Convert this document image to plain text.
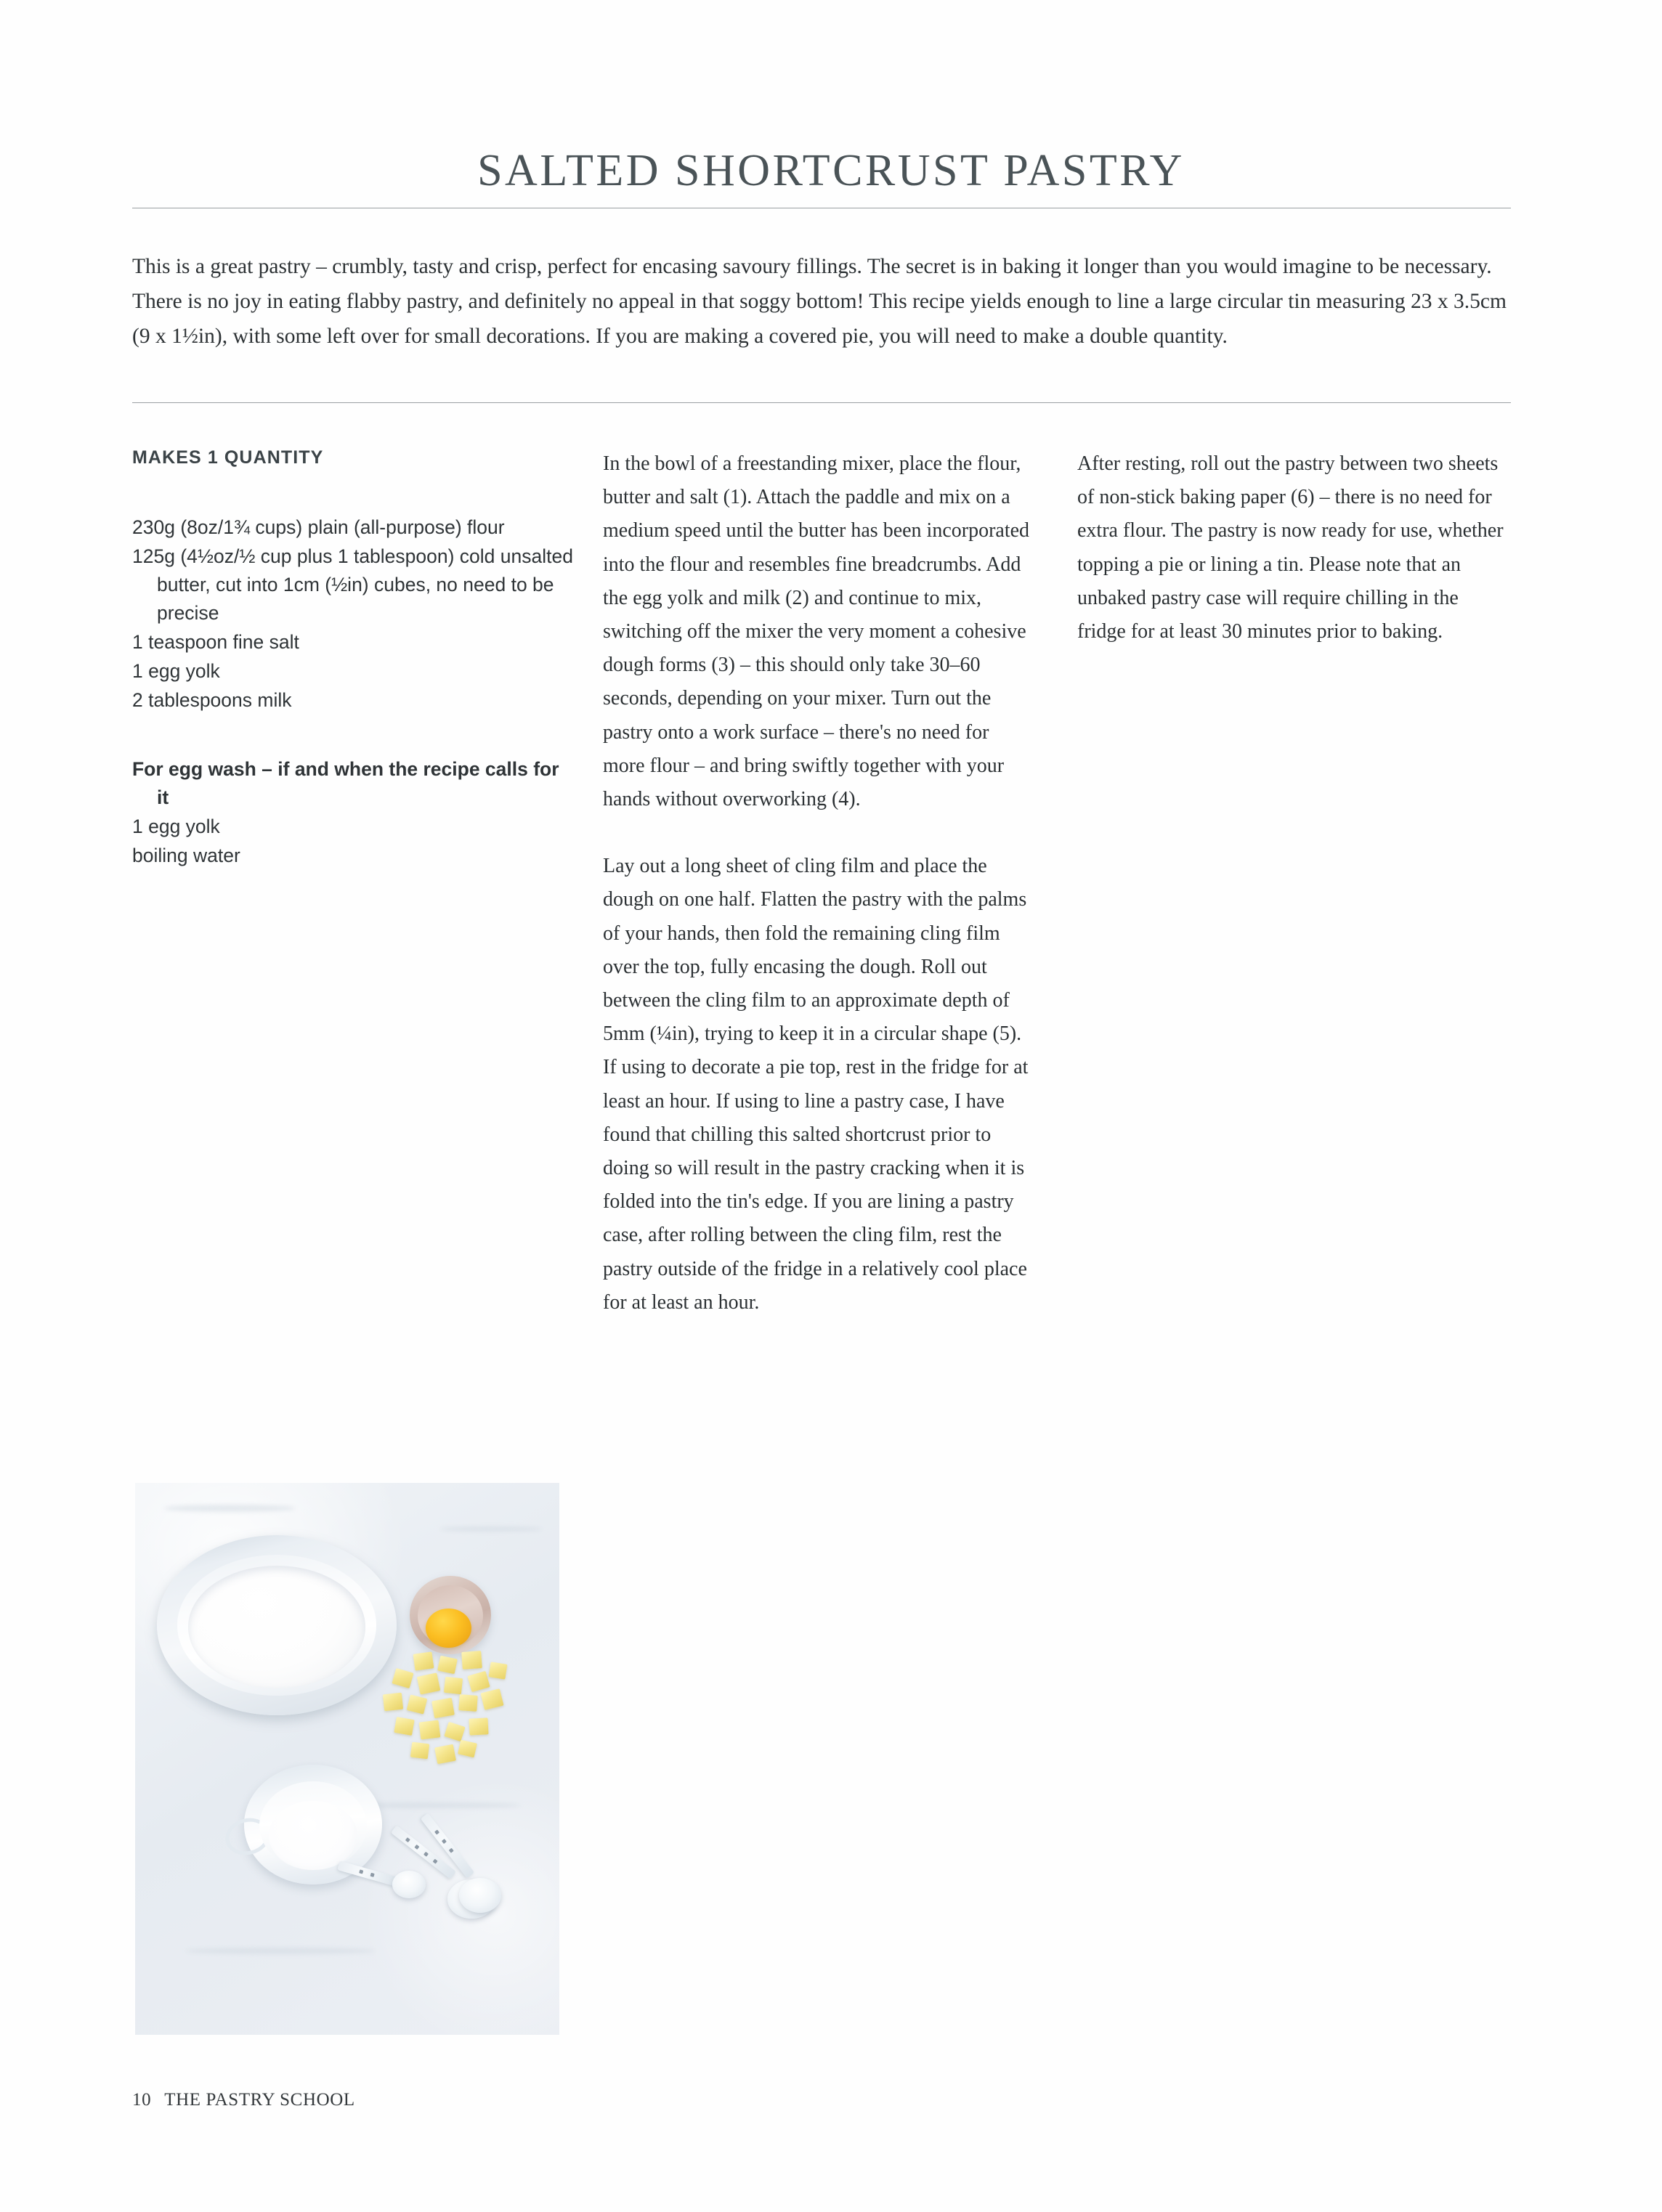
SALTED SHORTCRUST PASTRY

This is a great pastry – crumbly, tasty and crisp, perfect for encasing savoury fillings. The secret is in baking it longer than you would imagine to be necessary. There is no joy in eating flabby pastry, and definitely no appeal in that soggy bottom! This recipe yields enough to line a large circular tin measuring 23 x 3.5cm (9 x 1½in), with some left over for small decorations. If you are making a covered pie, you will need to make a double quantity.

MAKES 1 QUANTITY
230g (8oz/1¾ cups) plain (all-purpose) flour
125g (4½oz/½ cup plus 1 tablespoon) cold unsalted butter, cut into 1cm (½in) cubes, no need to be precise
1 teaspoon fine salt
1 egg yolk
2 tablespoons milk
For egg wash – if and when the recipe calls for it
1 egg yolk
boiling water

In the bowl of a freestanding mixer, place the flour, butter and salt (1). Attach the paddle and mix on a medium speed until the butter has been incorporated into the flour and resembles fine breadcrumbs. Add the egg yolk and milk (2) and continue to mix, switching off the mixer the very moment a cohesive dough forms (3) – this should only take 30–60 seconds, depending on your mixer. Turn out the pastry onto a work surface – there's no need for more flour – and bring swiftly together with your hands without overworking (4).

Lay out a long sheet of cling film and place the dough on one half. Flatten the pastry with the palms of your hands, then fold the remaining cling film over the top, fully encasing the dough. Roll out between the cling film to an approximate depth of 5mm (¼in), trying to keep it in a circular shape (5). If using to decorate a pie top, rest in the fridge for at least an hour. If using to line a pastry case, I have found that chilling this salted shortcrust prior to doing so will result in the pastry cracking when it is folded into the tin's edge. If you are lining a pastry case, after rolling between the cling film, rest the pastry outside of the fridge in a relatively cool place for at least an hour.

After resting, roll out the pastry between two sheets of non-stick baking paper (6) – there is no need for extra flour. The pastry is now ready for use, whether topping a pie or lining a tin. Please note that an unbaked pastry case will require chilling in the fridge for at least 30 minutes prior to baking.

10 THE PASTRY SCHOOL
